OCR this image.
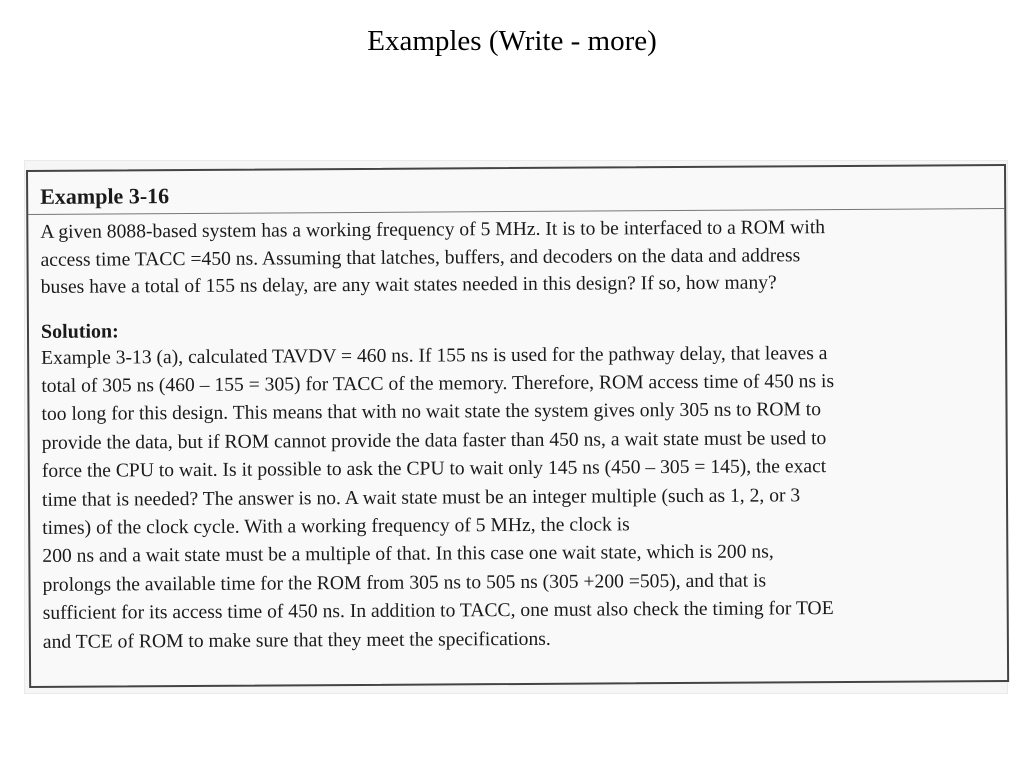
Examples (Write - more)
Example 3-16
A given 8088-based system has a working frequency of 5 MHz. It is to be interfaced to a ROM with
access time TACC =450 ns. Assuming that latches, buffers, and decoders on the data and address
buses have a total of 155 ns delay, are any wait states needed in this design? If so, how many?
Solution:
Example 3-13 (a), calculated TAVDV = 460 ns. If 155 ns is used for the pathway delay, that leaves a
total of 305 ns (460 – 155 = 305) for TACC of the memory. Therefore, ROM access time of 450 ns is
too long for this design. This means that with no wait state the system gives only 305 ns to ROM to
provide the data, but if ROM cannot provide the data faster than 450 ns, a wait state must be used to
force the CPU to wait. Is it possible to ask the CPU to wait only 145 ns (450 – 305 = 145), the exact
time that is needed? The answer is no. A wait state must be an integer multiple (such as 1, 2, or 3
times) of the clock cycle. With a working frequency of 5 MHz, the clock is
200 ns and a wait state must be a multiple of that. In this case one wait state, which is 200 ns,
prolongs the available time for the ROM from 305 ns to 505 ns (305 +200 =505), and that is
sufficient for its access time of 450 ns. In addition to TACC, one must also check the timing for TOE
and TCE of ROM to make sure that they meet the specifications.
